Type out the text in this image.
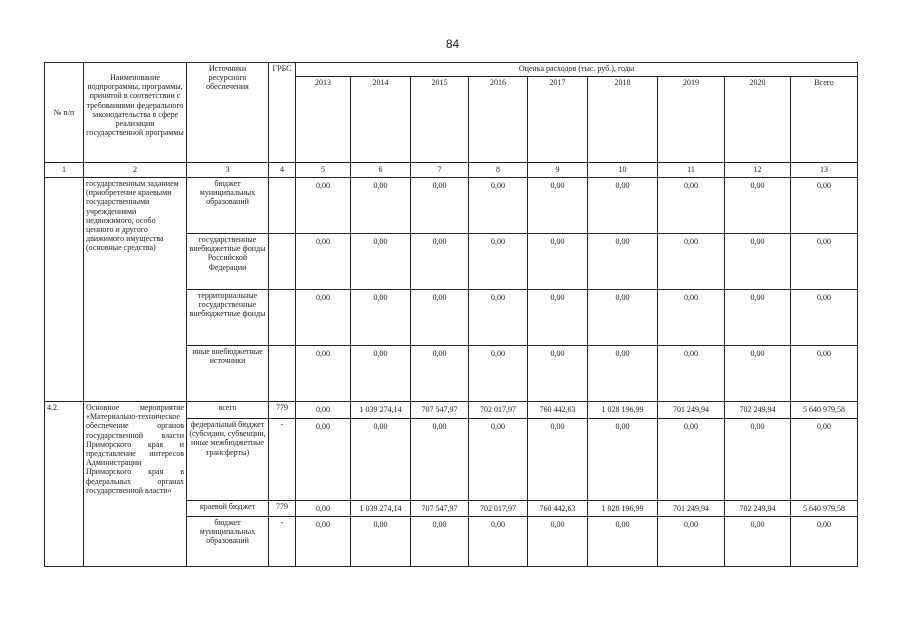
84
№ п/п	Наименование подпрограммы, программы, принятой в соответствии с требованиями федерального законодательства в сфере реализации государственной программы	Источники ресурсного обеспечения	ГРБС	Оценка расходов (тыс. руб.), годы								
				2013	2014	2015	2016	2017	2018	2019	2020	Всего
1	2	3	4	5	6	7	8	9	10	11	12	13
	государственным заданием (приобретение краевыми государственными учреждениями недвижимого, особо ценного и другого движимого имущества (основные средства)	бюджет муниципальных образований		0,00	0,00	0,00	0,00	0,00	0,00	0,00	0,00	0,00
		государственные внебюджетные фонды Российской Федерации		0,00	0,00	0,00	0,00	0,00	0,00	0,00	0,00	0,00
		территориальные государственные внебюджетные фонды		0,00	0,00	0,00	0,00	0,00	0,00	0,00	0,00	0,00
		иные внебюджетные источники		0,00	0,00	0,00	0,00	0,00	0,00	0,00	0,00	0,00
4.2.	Основное мероприятие «Материально-техническое обеспечение органов государственной власти Приморского края и представление интересов Администрации Приморского края в федеральных органах государственной власти»	всего	779	0,00	1 039 274,14	707 547,97	702 017,97	760 442,63	1 028 196,99	701 249,94	702 249,94	5 640 979,58
		федеральный бюджет (субсидии, субвенции, иные межбюджетные трансферты)	-	0,00	0,00	0,00	0,00	0,00	0,00	0,00	0,00	0,00
		краевой бюджет	779	0,00	1 039 274,14	707 547,97	702 017,97	760 442,63	1 028 196,99	701 249,94	702 249,94	5 640 979,58
		бюджет муниципальных образований	-	0,00	0,00	0,00	0,00	0,00	0,00	0,00	0,00	0,00
